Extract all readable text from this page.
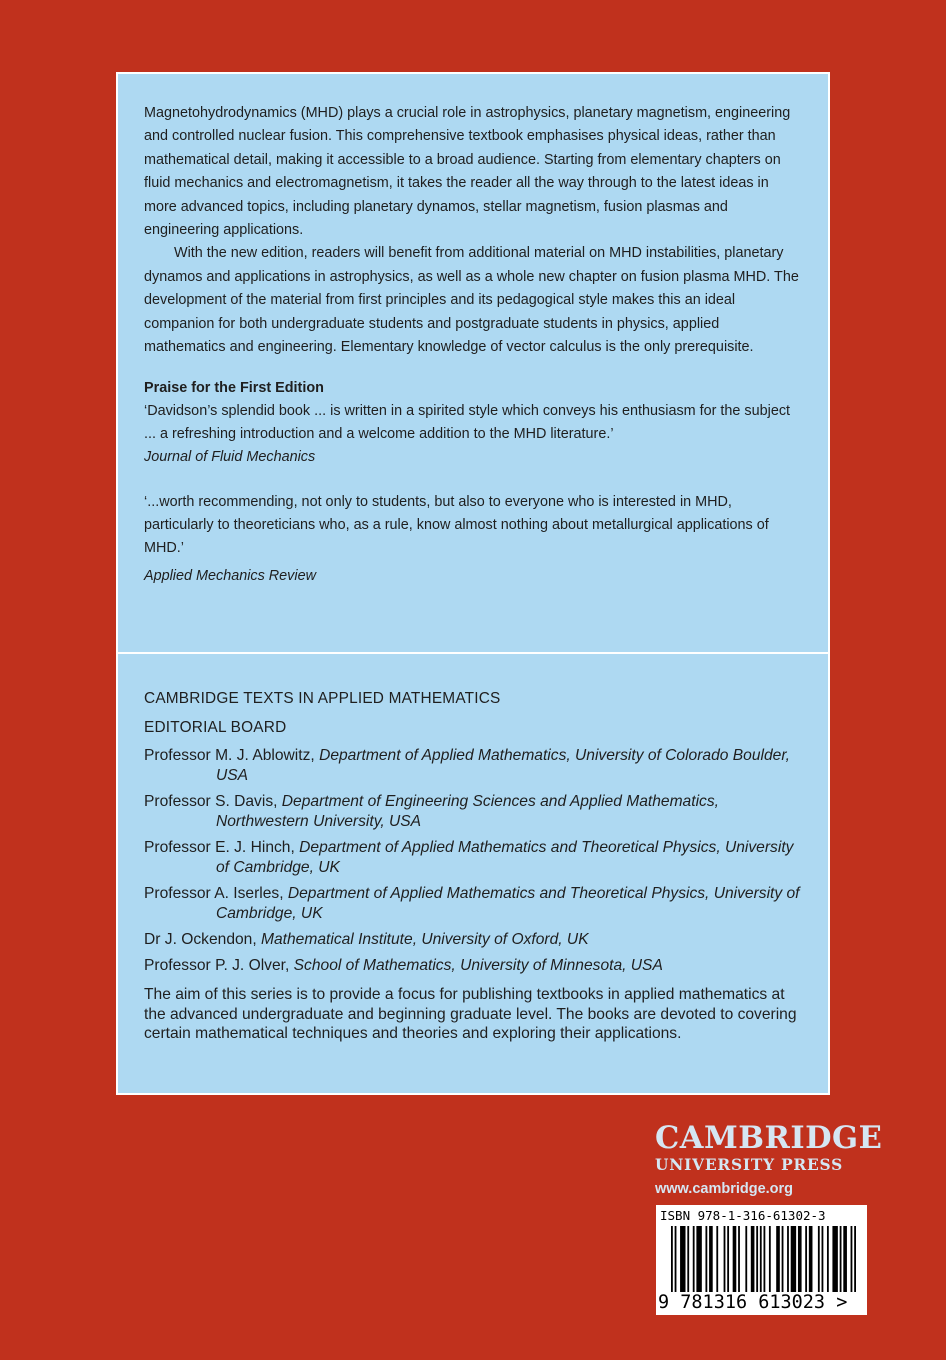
Magnetohydrodynamics (MHD) plays a crucial role in astrophysics, planetary magnetism, engineering and controlled nuclear fusion. This comprehensive textbook emphasises physical ideas, rather than mathematical detail, making it accessible to a broad audience. Starting from elementary chapters on fluid mechanics and electromagnetism, it takes the reader all the way through to the latest ideas in more advanced topics, including planetary dynamos, stellar magnetism, fusion plasmas and engineering applications.

With the new edition, readers will benefit from additional material on MHD instabilities, planetary dynamos and applications in astrophysics, as well as a whole new chapter on fusion plasma MHD. The development of the material from first principles and its pedagogical style makes this an ideal companion for both undergraduate students and postgraduate students in physics, applied mathematics and engineering. Elementary knowledge of vector calculus is the only prerequisite.

Praise for the First Edition

‘Davidson’s splendid book ... is written in a spirited style which conveys his enthusiasm for the subject ... a refreshing introduction and a welcome addition to the MHD literature.’

Journal of Fluid Mechanics

‘...worth recommending, not only to students, but also to everyone who is interested in MHD, particularly to theoreticians who, as a rule, know almost nothing about metallurgical applications of MHD.’

Applied Mechanics Review

CAMBRIDGE TEXTS IN APPLIED MATHEMATICS

EDITORIAL BOARD

Professor M. J. Ablowitz, Department of Applied Mathematics, University of Colorado Boulder, USA

Professor S. Davis, Department of Engineering Sciences and Applied Mathematics, Northwestern University, USA

Professor E. J. Hinch, Department of Applied Mathematics and Theoretical Physics, University of Cambridge, UK

Professor A. Iserles, Department of Applied Mathematics and Theoretical Physics, University of Cambridge, UK

Dr J. Ockendon, Mathematical Institute, University of Oxford, UK

Professor P. J. Olver, School of Mathematics, University of Minnesota, USA

The aim of this series is to provide a focus for publishing textbooks in applied mathematics at the advanced undergraduate and beginning graduate level. The books are devoted to covering certain mathematical techniques and theories and exploring their applications.

CAMBRIDGE
UNIVERSITY PRESS
www.cambridge.org
ISBN 978-1-316-61302-3
9 781316 613023 >
